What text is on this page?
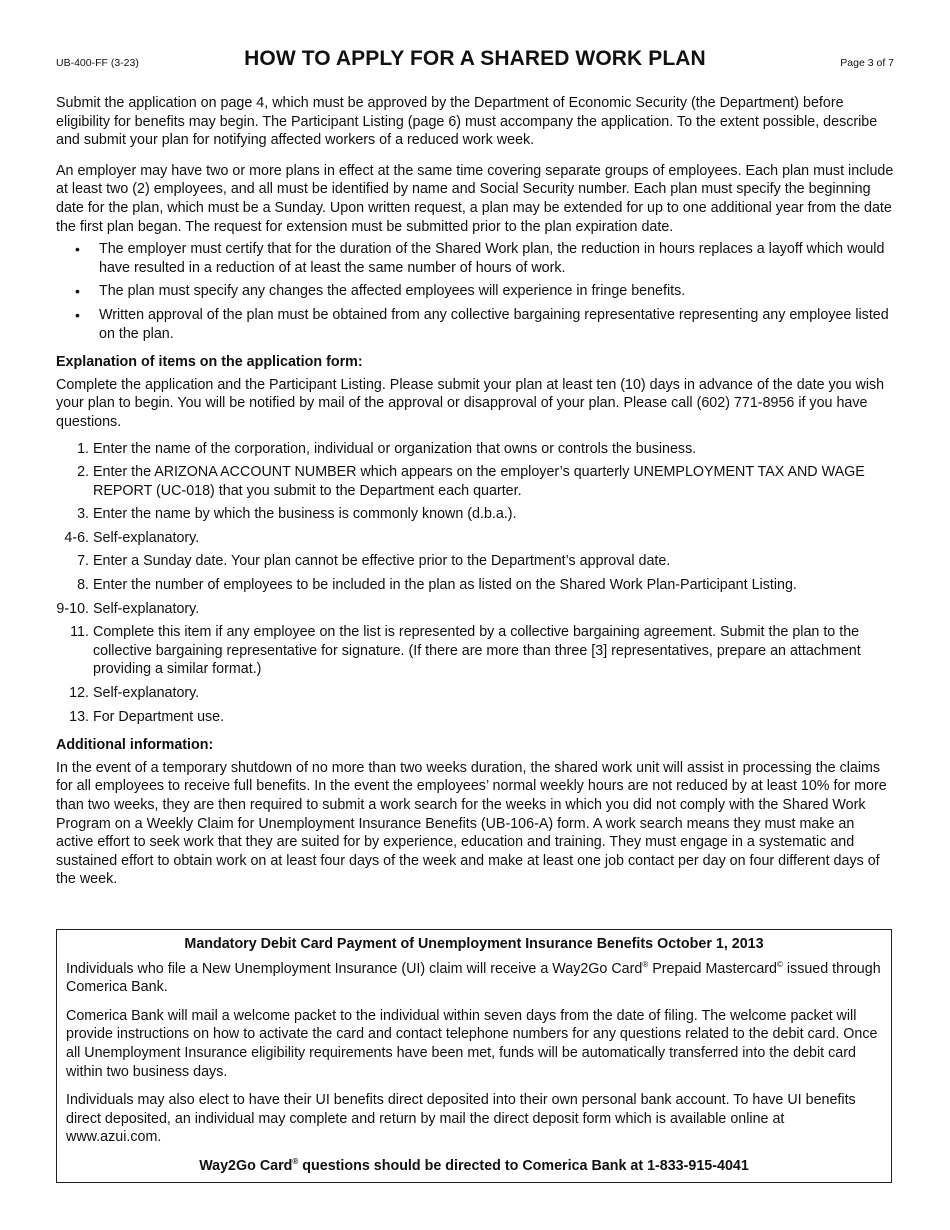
UB-400-FF (3-23)	HOW TO APPLY FOR A SHARED WORK PLAN	Page 3 of 7

Submit the application on page 4, which must be approved by the Department of Economic Security (the Department) before eligibility for benefits may begin. The Participant Listing (page 6) must accompany the application. To the extent possible, describe and submit your plan for notifying affected workers of a reduced work week.

An employer may have two or more plans in effect at the same time covering separate groups of employees. Each plan must include at least two (2) employees, and all must be identified by name and Social Security number. Each plan must specify the beginning date for the plan, which must be a Sunday. Upon written request, a plan may be extended for up to one additional year from the date the first plan began. The request for extension must be submitted prior to the plan expiration date.

• The employer must certify that for the duration of the Shared Work plan, the reduction in hours replaces a layoff which would have resulted in a reduction of at least the same number of hours of work.
• The plan must specify any changes the affected employees will experience in fringe benefits.
• Written approval of the plan must be obtained from any collective bargaining representative representing any employee listed on the plan.

Explanation of items on the application form:

Complete the application and the Participant Listing. Please submit your plan at least ten (10) days in advance of the date you wish your plan to begin. You will be notified by mail of the approval or disapproval of your plan. Please call (602) 771-8956 if you have questions.

1. Enter the name of the corporation, individual or organization that owns or controls the business.
2. Enter the ARIZONA ACCOUNT NUMBER which appears on the employer’s quarterly UNEMPLOYMENT TAX AND WAGE REPORT (UC-018) that you submit to the Department each quarter.
3. Enter the name by which the business is commonly known (d.b.a.).
4-6. Self-explanatory.
7. Enter a Sunday date. Your plan cannot be effective prior to the Department’s approval date.
8. Enter the number of employees to be included in the plan as listed on the Shared Work Plan-Participant Listing.
9-10. Self-explanatory.
11. Complete this item if any employee on the list is represented by a collective bargaining agreement. Submit the plan to the collective bargaining representative for signature. (If there are more than three [3] representatives, prepare an attachment providing a similar format.)
12. Self-explanatory.
13. For Department use.

Additional information:

In the event of a temporary shutdown of no more than two weeks duration, the shared work unit will assist in processing the claims for all employees to receive full benefits. In the event the employees’ normal weekly hours are not reduced by at least 10% for more than two weeks, they are then required to submit a work search for the weeks in which you did not comply with the Shared Work Program on a Weekly Claim for Unemployment Insurance Benefits (UB-106-A) form. A work search means they must make an active effort to seek work that they are suited for by experience, education and training. They must engage in a systematic and sustained effort to obtain work on at least four days of the week and make at least one job contact per day on four different days of the week.

Mandatory Debit Card Payment of Unemployment Insurance Benefits October 1, 2013

Individuals who file a New Unemployment Insurance (UI) claim will receive a Way2Go Card® Prepaid Mastercard© issued through Comerica Bank.

Comerica Bank will mail a welcome packet to the individual within seven days from the date of filing. The welcome packet will provide instructions on how to activate the card and contact telephone numbers for any questions related to the debit card. Once all Unemployment Insurance eligibility requirements have been met, funds will be automatically transferred into the debit card within two business days.

Individuals may also elect to have their UI benefits direct deposited into their own personal bank account. To have UI benefits direct deposited, an individual may complete and return by mail the direct deposit form which is available online at www.azui.com.

Way2Go Card® questions should be directed to Comerica Bank at 1-833-915-4041
